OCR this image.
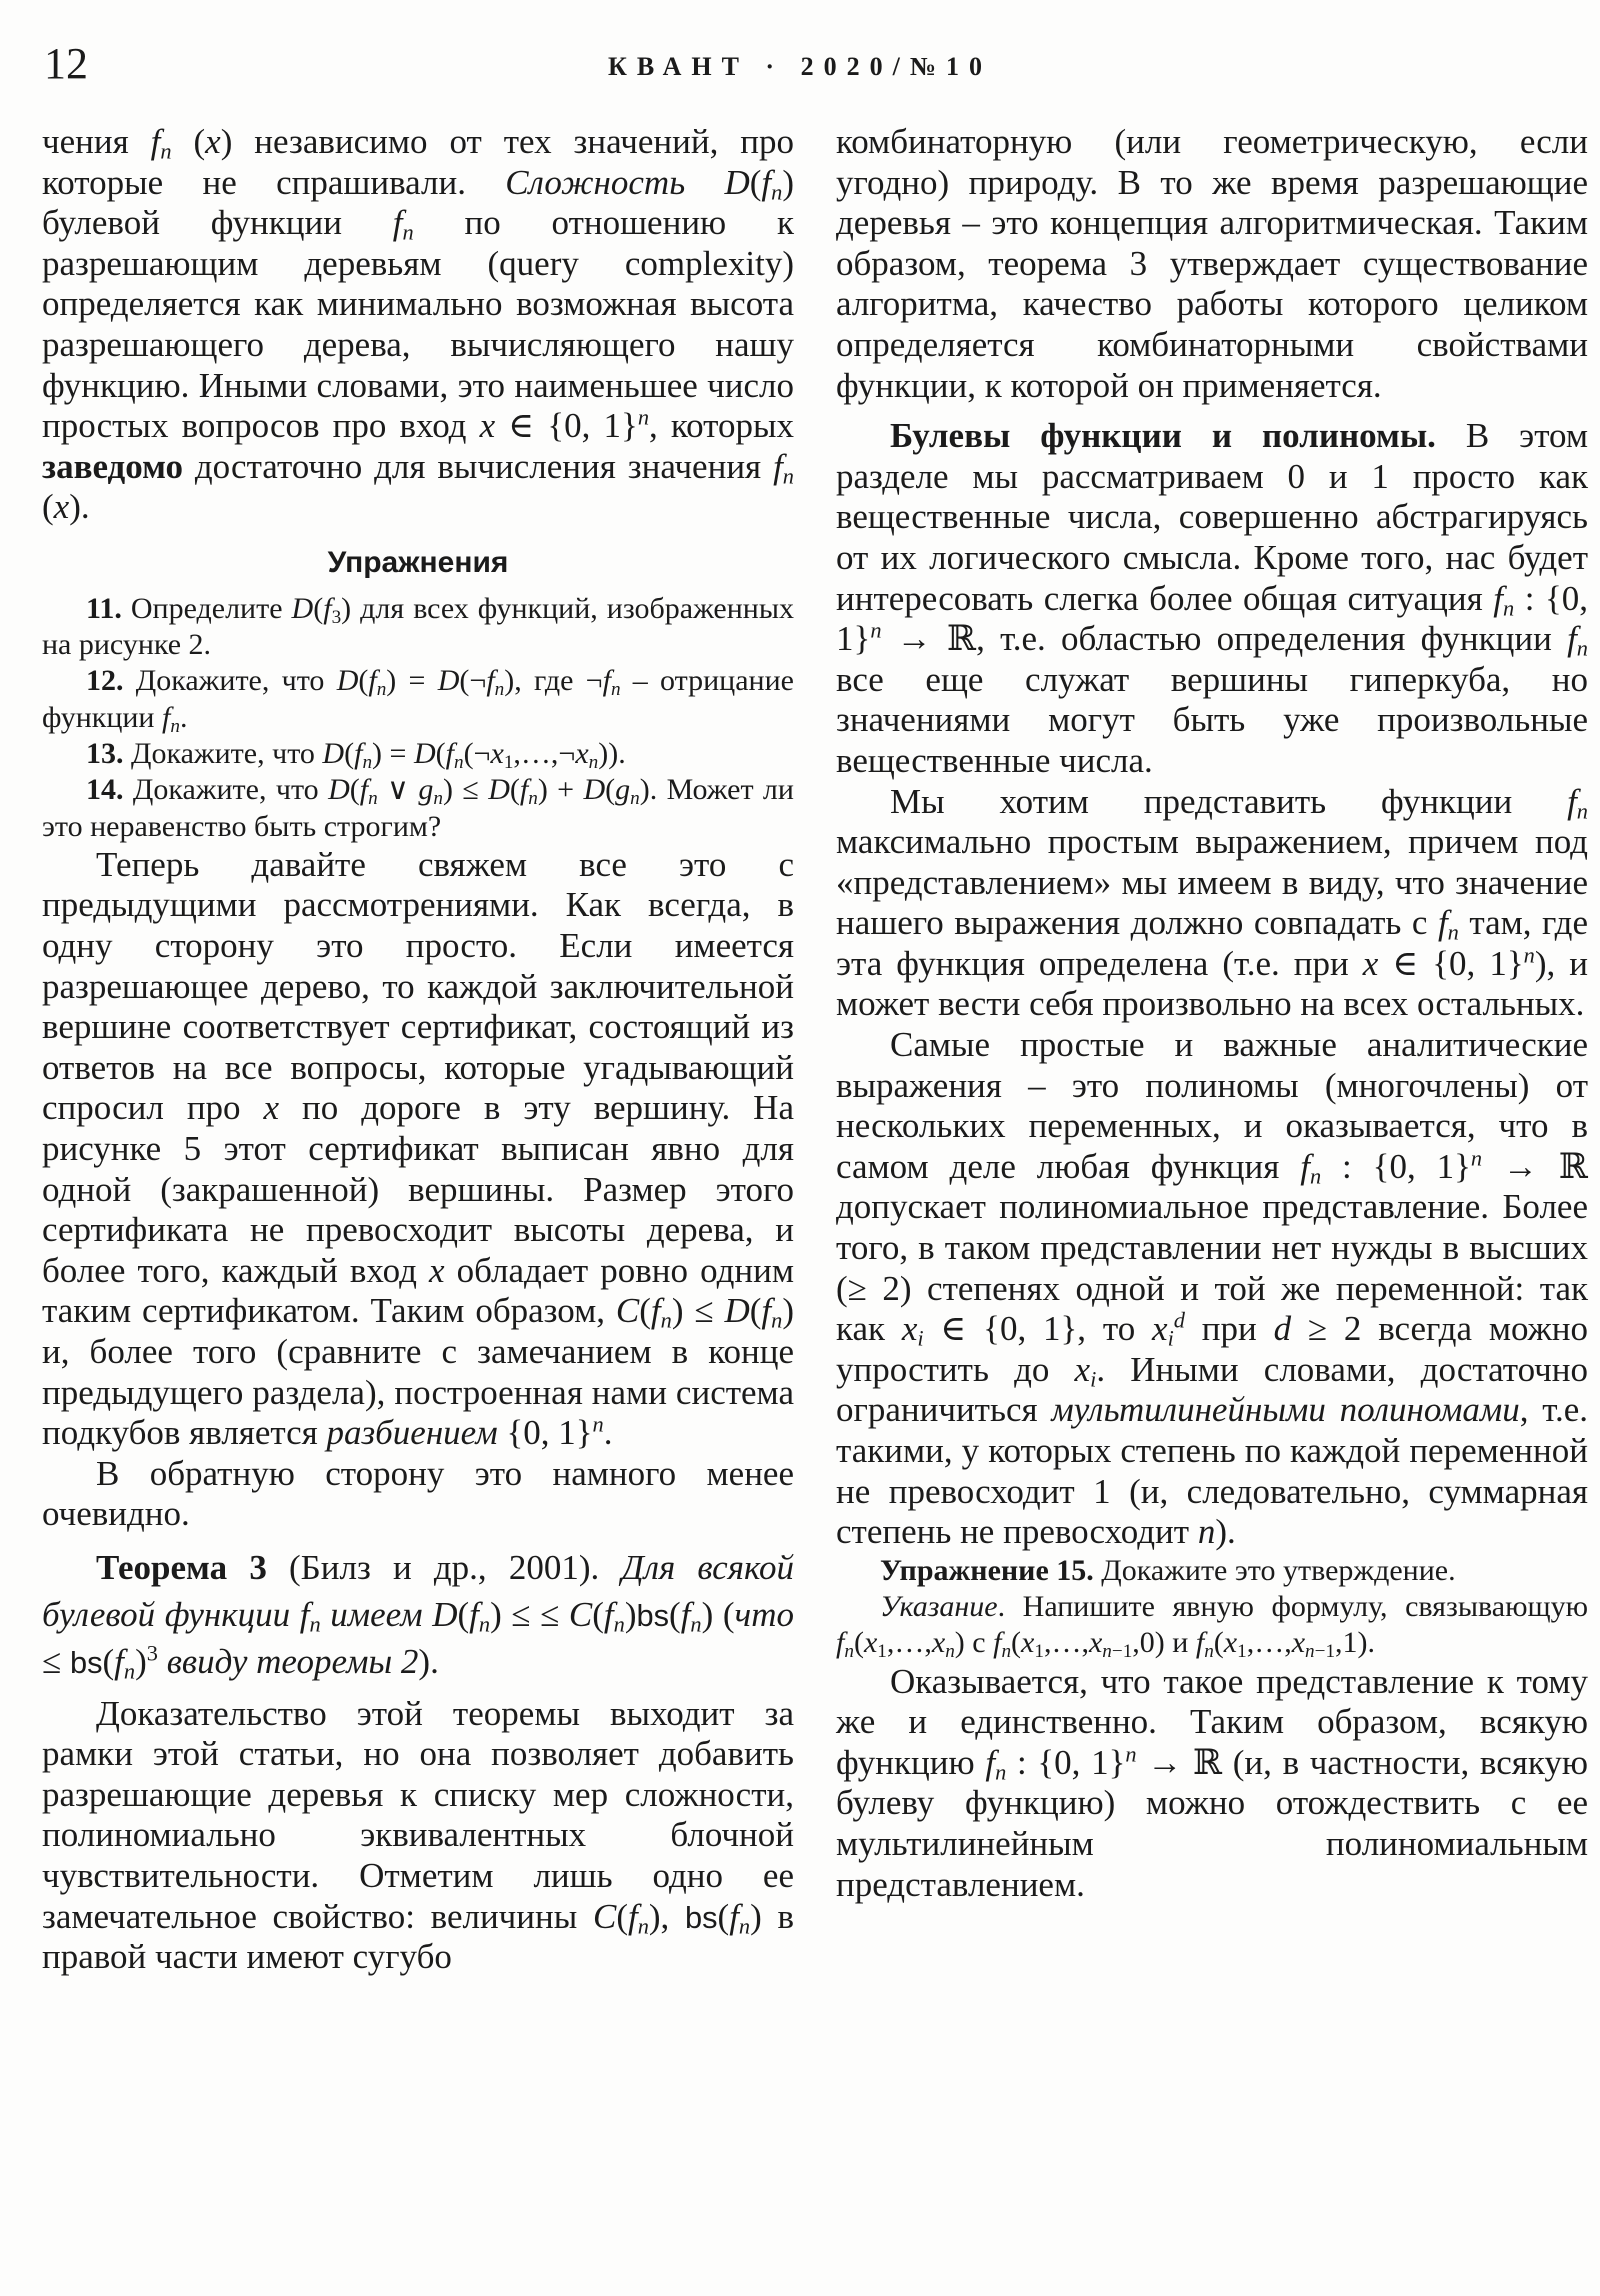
12	КВАНТ · 2020/№10

чения $f_n$ (x) независимо от тех значений, про которые не спрашивали. Сложность $D(f_n)$ булевой функции $f_n$ по отношению к разрешающим деревьям (query complexity) определяется как минимально возможная высота разрешающего дерева, вычисляющего нашу функцию. Иными словами, это наименьшее число простых вопросов про вход x ∈ {0, 1}$^n$, которых заведомо достаточно для вычисления значения $f_n$ (x).

Упражнения

11. Определите $D(f_3)$ для всех функций, изображенных на рисунке 2.

12. Докажите, что $D(f_n)$ = $D(\neg f_n)$, где $\neg f_n$ – отрицание функции $f_n$.

13. Докажите, что $D(f_n)$ = $D(f_n(\neg x_1,\dots,\neg x_n))$.

14. Докажите, что $D(f_n$ ∨ $g_n) \le D(f_n) + D(g_n)$. Может ли это неравенство быть строгим?

Теперь давайте свяжем все это с предыдущими рассмотрениями. Как всегда, в одну сторону это просто. Если имеется разрешающее дерево, то каждой заключительной вершине соответствует сертификат, состоящий из ответов на все вопросы, которые угадывающий спросил про x по дороге в эту вершину. На рисунке 5 этот сертификат выписан явно для одной (закрашенной) вершины. Размер этого сертификата не превосходит высоты дерева, и более того, каждый вход x обладает ровно одним таким сертификатом. Таким образом, $C(f_n) \le D(f_n)$ и, более того (сравните с замечанием в конце предыдущего раздела), построенная нами система подкубов является разбиением {0, 1}$^n$.

В обратную сторону это намного менее очевидно.

Теорема 3 (Билз и др., 2001). Для всякой булевой функции $f_n$ имеем $D(f_n)$ ≤ ≤ $C(f_n)bs(f_n) (что \le bs(f_n)^3$ ввиду теоремы 2).

Доказательство этой теоремы выходит за рамки этой статьи, но она позволяет добавить разрешающие деревья к списку мер сложности, полиномиально эквивалентных блочной чувствительности. Отметим лишь одно ее замечательное свойство: величины $C(f_n)$, $bs(f_n)$ в правой части имеют сугубо

комбинаторную (или геометрическую, если угодно) природу. В то же время разрешающие деревья – это концепция алгоритмическая. Таким образом, теорема 3 утверждает существование алгоритма, качество работы которого целиком определяется комбинаторными свойствами функции, к которой он применяется.

Булевы функции и полиномы. В этом разделе мы рассматриваем 0 и 1 просто как вещественные числа, совершенно абстрагируясь от их логического смысла. Кроме того, нас будет интересовать слегка более общая ситуация $f_n$ : {0, 1}$^n$ → ℝ, т.е. областью определения функции $f_n$ все еще служат вершины гиперкуба, но значениями могут быть уже произвольные вещественные числа.

Мы хотим представить функции $f_n$ максимально простым выражением, причем под «представлением» мы имеем в виду, что значение нашего выражения должно совпадать с $f_n$ там, где эта функция определена (т.е. при x ∈ {0, 1}$^n$), и может вести себя произвольно на всех остальных.

Самые простые и важные аналитические выражения – это полиномы (многочлены) от нескольких переменных, и оказывается, что в самом деле любая функция $f_n$ : {0, 1}$^n$ → ℝ допускает полиномиальное представление. Более того, в таком представлении нет нужды в высших (≥ 2) степенях одной и той же переменной: так как $x_i$ ∈ {0, 1}, то $x_i^d$ при d ≥ 2 всегда можно упростить до $x_i$. Иными словами, достаточно ограничиться мультилинейными полиномами, т.е. такими, у которых степень по каждой переменной не превосходит 1 (и, следовательно, суммарная степень не превосходит n).

Упражнение 15. Докажите это утверждение.

Указание. Напишите явную формулу, связывающую $f_n(x_1,\dots,x_n)$ с $f_n(x_1,\dots,x_{n-1},0)$ и $f_n(x_1,\dots,x_{n-1},1)$.

Оказывается, что такое представление к тому же и единственно. Таким образом, всякую функцию $f_n$ : {0, 1}$^n$ → ℝ (и, в частности, всякую булеву функцию) можно отождествить с ее мультилинейным полиномиальным представлением.
